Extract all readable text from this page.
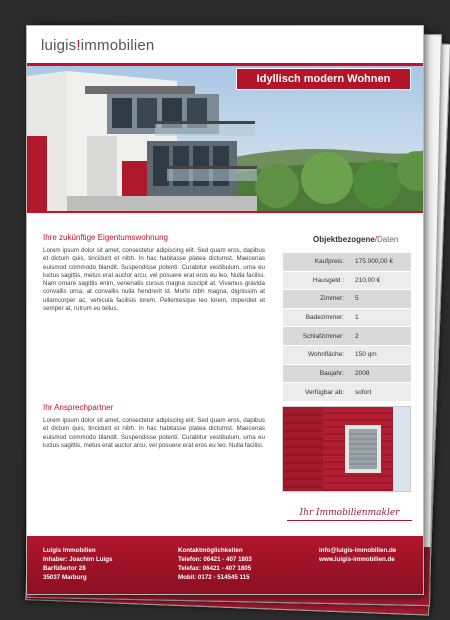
luigis!immobilien
Idyllisch modern Wohnen
Ihre zukünftige Eigentumswohnung
Lorem ipsum dolor sit amet, consectetur adipiscing elit. Sed quam eros, dapibus et dictum quis, tincidunt et nibh. In hac habitasse platea dictumst. Maecenas euismod commodo blandit. Suspendisse potenti. Curabitur vestibulum, urna eu luctus sagittis, metus erat auctor arcu, vel posuere erat eros eu leo. Nulla facilisi. Nam ornare sagittis enim, venenatis cursus magna suscipit at. Vivamus gravida convallis urna, at convallis nulla hendrerit id. Morbi nibh magna, dignissim at ullamcorper ac, vehicula facilisis lorem. Pellentesque leo lorem, imperdiet et semper at, rutrum eu tellus.
Ihr Ansprechpartner
Lorem ipsum dolor sit amet, consectetur adipiscing elit. Sed quam eros, dapibus et dictum quis, tincidunt et nibh. In hac habitasse platea dictumst. Maecenas euismod commodo blandit. Suspendisse potenti. Curabitur vestibulum, urna eu luctus sagittis, metus erat auctor arcu, vel posuere erat eros eu leo. Nulla facilisi.
Objektbezogene/Daten
Kaufpreis:	175.000,00 €
Hausgeld :	210,00 €
Zimmer:	5
Badezimmer:	1
Schlafzimmer:	2
Wohnfläche:	150 qm
Baujahr:	2008
Verfügbar ab:	sofort
Ihr Immobilienmakler
Luigis Immobilien
Inhaber: Joachim Luigs
Barfüßertor 28
35037 Marburg
Kontaktmöglichkeiten
Telefon: 06421 - 407 1803
Telefax: 06421 - 407 1805
Mobil: 0172 - 514545 115
info@luigis-immobilien.de
www.luigis-immobilien.de
